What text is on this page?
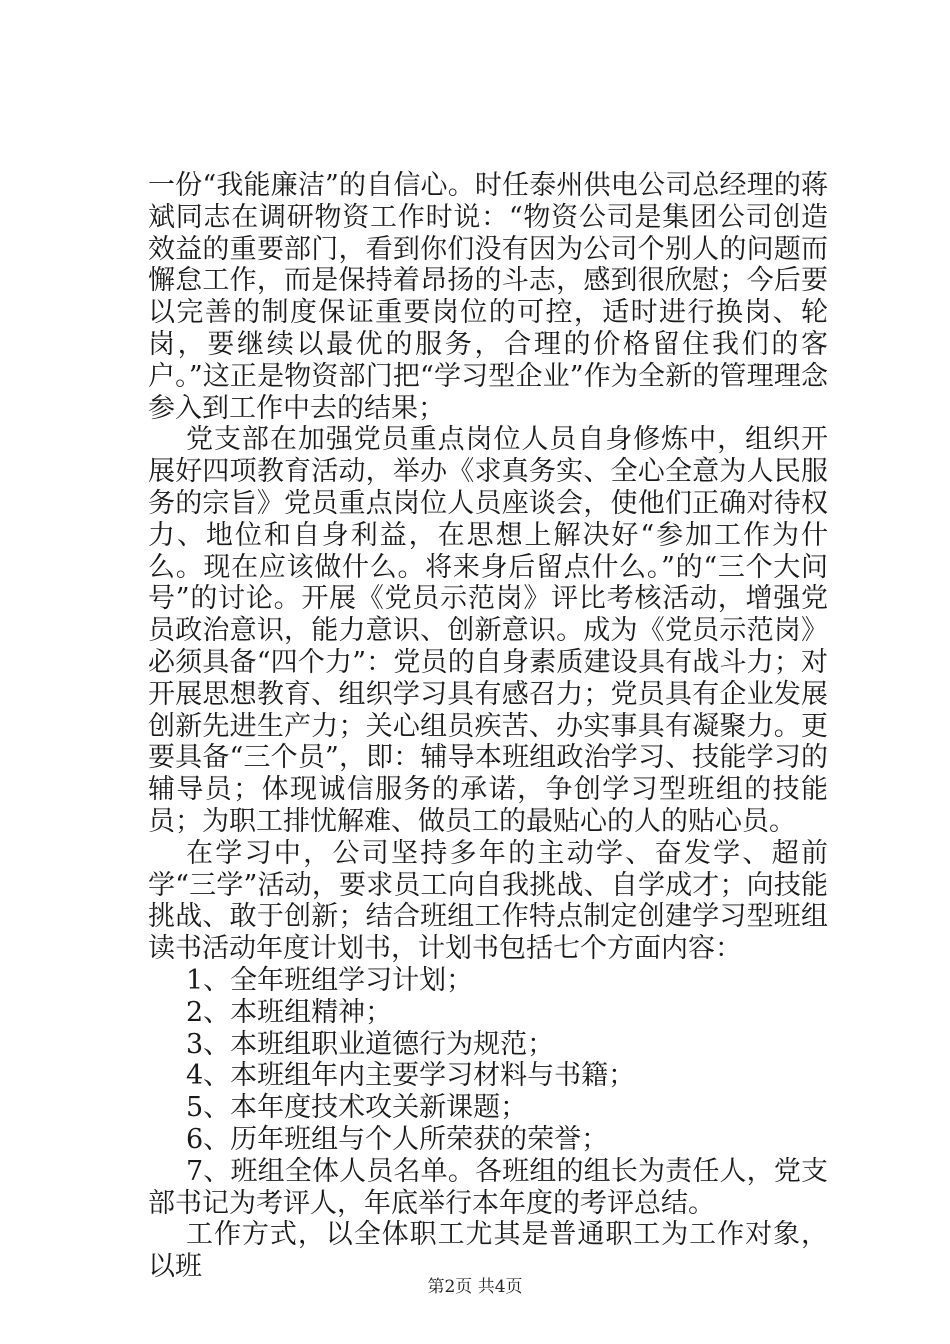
一份“我能廉洁”的自信心。时任泰州供电公司总经理的蒋斌同志在调研物资工作时说：“物资公司是集团公司创造效益的重要部门，看到你们没有因为公司个别人的问题而懈怠工作，而是保持着昂扬的斗志，感到很欣慰；今后要以完善的制度保证重要岗位的可控，适时进行换岗、轮岗，要继续以最优的服务，合理的价格留住我们的客户。”这正是物资部门把“学习型企业”作为全新的管理理念参入到工作中去的结果；

党支部在加强党员重点岗位人员自身修炼中，组织开展好四项教育活动，举办《求真务实、全心全意为人民服务的宗旨》党员重点岗位人员座谈会，使他们正确对待权力、地位和自身利益，在思想上解决好“参加工作为什么。现在应该做什么。将来身后留点什么。”的“三个大问号”的讨论。开展《党员示范岗》评比考核活动，增强党员政治意识，能力意识、创新意识。成为《党员示范岗》必须具备“四个力”：党员的自身素质建设具有战斗力；对开展思想教育、组织学习具有感召力；党员具有企业发展创新先进生产力；关心组员疾苦、办实事具有凝聚力。更要具备“三个员”，即：辅导本班组政治学习、技能学习的辅导员；体现诚信服务的承诺，争创学习型班组的技能员；为职工排忧解难、做员工的最贴心的人的贴心员。

在学习中，公司坚持多年的主动学、奋发学、超前学“三学”活动，要求员工向自我挑战、自学成才；向技能挑战、敢于创新；结合班组工作特点制定创建学习型班组读书活动年度计划书，计划书包括七个方面内容：

1、全年班组学习计划；

2、本班组精神；

3、本班组职业道德行为规范；

4、本班组年内主要学习材料与书籍；

5、本年度技术攻关新课题；

6、历年班组与个人所荣获的荣誉；

7、班组全体人员名单。各班组的组长为责任人，党支部书记为考评人，年底举行本年度的考评总结。

工作方式，以全体职工尤其是普通职工为工作对象，以班

第2页 共4页
